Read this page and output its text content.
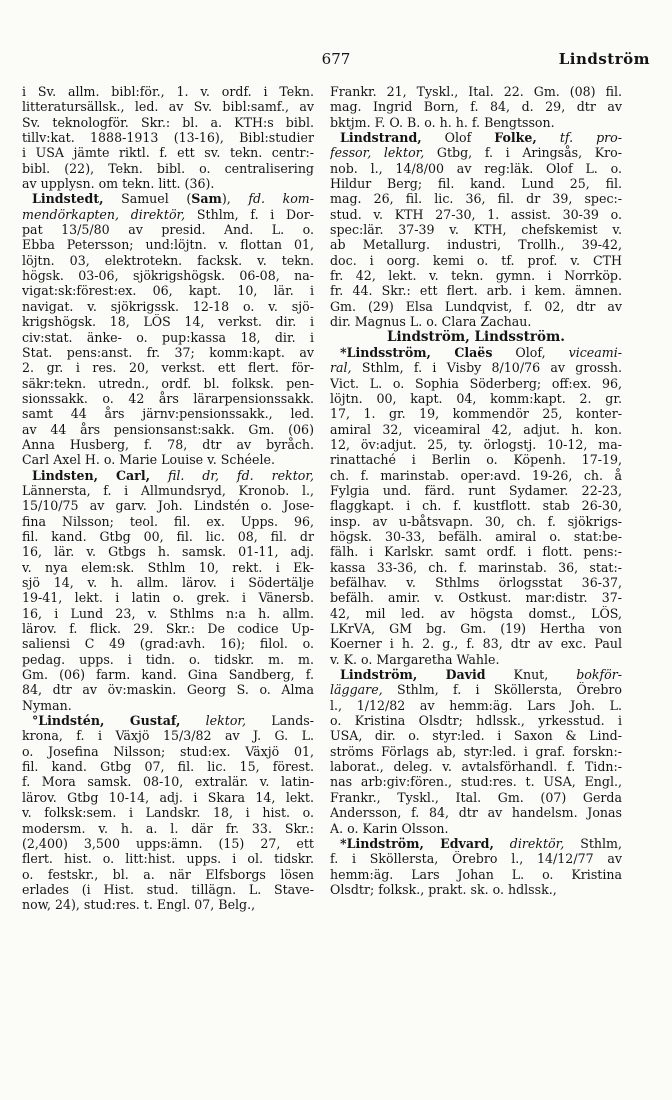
677	Lindström
i Sv. allm. bibl:för., 1. v. ordf. i Tekn.
litteratursällsk., led. av Sv. bibl:samf., av
Sv. teknologför. Skr.: bl. a. KTH:s bibl.
tillv:kat. 1888-1913 (13-16), Bibl:studier
i USA jämte riktl. f. ett sv. tekn. centr:-
bibl. (22), Tekn. bibl. o. centralisering
av upplysn. om tekn. litt. (36).
Lindstedt, Samuel (Sam), fd. kom-
mendörkapten, direktör, Sthlm, f. i Dor-
pat 13/5/80 av presid. And. L. o.
Ebba Petersson; und:löjtn. v. flottan 01,
löjtn. 03, elektrotekn. facksk. v. tekn.
högsk. 03-06, sjökrigshögsk. 06-08, na-
vigat:sk:förest:ex. 06, kapt. 10, lär. i
navigat. v. sjökrigssk. 12-18 o. v. sjö-
krigshögsk. 18, LÖS 14, verkst. dir. i
civ:stat. änke- o. pup:kassa 18, dir. i
Stat. pens:anst. fr. 37; komm:kapt. av
2. gr. i res. 20, verkst. ett flert. för-
säkr:tekn. utredn., ordf. bl. folksk. pen-
sionssakk. o. 42 års lärarpensionssakk.
samt 44 års järnv:pensionssakk., led.
av 44 års pensionsanst:sakk. Gm. (06)
Anna Husberg, f. 78, dtr av byråch.
Carl Axel H. o. Marie Louise v. Schéele.
Lindsten, Carl, fil. dr, fd. rektor,
Lännersta, f. i Allmundsryd, Kronob. l.,
15/10/75 av garv. Joh. Lindstén o. Jose-
fina Nilsson; teol. fil. ex. Upps. 96,
fil. kand. Gtbg 00, fil. lic. 08, fil. dr
16, lär. v. Gtbgs h. samsk. 01-11, adj.
v. nya elem:sk. Sthlm 10, rekt. i Ek-
sjö 14, v. h. allm. lärov. i Södertälje
19-41, lekt. i latin o. grek. i Vänersb.
16, i Lund 23, v. Sthlms n:a h. allm.
lärov. f. flick. 29. Skr.: De codice Up-
saliensi C 49 (grad:avh. 16); filol. o.
pedag. upps. i tidn. o. tidskr. m. m.
Gm. (06) farm. kand. Gina Sandberg, f.
84, dtr av öv:maskin. Georg S. o. Alma
Nyman.
°Lindstén, Gustaf, lektor, Lands-
krona, f. i Växjö 15/3/82 av J. G. L.
o. Josefina Nilsson; stud:ex. Växjö 01,
fil. kand. Gtbg 07, fil. lic. 15, förest.
f. Mora samsk. 08-10, extralär. v. latin-
lärov. Gtbg 10-14, adj. i Skara 14, lekt.
v. folksk:sem. i Landskr. 18, i hist. o.
modersm. v. h. a. l. där fr. 33. Skr.:
(2,400) 3,500 upps:ämn. (15) 27, ett
flert. hist. o. litt:hist. upps. i ol. tidskr.
o. festskr., bl. a. när Elfsborgs lösen
erlades (i Hist. stud. tillägn. L. Stave-
now, 24), stud:res. t. Engl. 07, Belg.,
Frankr. 21, Tyskl., Ital. 22. Gm. (08) fil.
mag. Ingrid Born, f. 84, d. 29, dtr av
bktjm. F. O. B. o. h. h. f. Bengtsson.
Lindstrand, Olof Folke, tf. pro-
fessor, lektor, Gtbg, f. i Aringsås, Kro-
nob. l., 14/8/00 av reg:läk. Olof L. o.
Hildur Berg; fil. kand. Lund 25, fil.
mag. 26, fil. lic. 36, fil. dr 39, spec:-
stud. v. KTH 27-30, 1. assist. 30-39 o.
spec:lär. 37-39 v. KTH, chefskemist v.
ab Metallurg. industri, Trollh., 39-42,
doc. i oorg. kemi o. tf. prof. v. CTH
fr. 42, lekt. v. tekn. gymn. i Norrköp.
fr. 44. Skr.: ett flert. arb. i kem. ämnen.
Gm. (29) Elsa Lundqvist, f. 02, dtr av
dir. Magnus L. o. Clara Zachau.
Lindström, Lindsström.
*Lindsström, Claës Olof, viceami-
ral, Sthlm, f. i Visby 8/10/76 av grossh.
Vict. L. o. Sophia Söderberg; off:ex. 96,
löjtn. 00, kapt. 04, komm:kapt. 2. gr.
17, 1. gr. 19, kommendör 25, konter-
amiral 32, viceamiral 42, adjut. h. kon.
12, öv:adjut. 25, ty. örlogstj. 10-12, ma-
rinattaché i Berlin o. Köpenh. 17-19,
ch. f. marinstab. oper:avd. 19-26, ch. å
Fylgia und. färd. runt Sydamer. 22-23,
flaggkapt. i ch. f. kustflott. stab 26-30,
insp. av u-båtsvapn. 30, ch. f. sjökrigs-
högsk. 30-33, befälh. amiral o. stat:be-
fälh. i Karlskr. samt ordf. i flott. pens:-
kassa 33-36, ch. f. marinstab. 36, stat:-
befälhav. v. Sthlms örlogsstat 36-37,
befälh. amir. v. Ostkust. mar:distr. 37-
42, mil led. av högsta domst., LÖS,
LKrVA, GM bg. Gm. (19) Hertha von
Koerner i h. 2. g., f. 83, dtr av exc. Paul
v. K. o. Margaretha Wahle.
Lindström, David Knut, bokför-
läggare, Sthlm, f. i Sköllersta, Örebro
l., 1/12/82 av hemm:äg. Lars Joh. L.
o. Kristina Olsdtr; hdlssk., yrkesstud. i
USA, dir. o. styr:led. i Saxon & Lind-
ströms Förlags ab, styr:led. i graf. forskn:-
laborat., deleg. v. avtalsförhandl. f. Tidn:-
nas arb:giv:fören., stud:res. t. USA, Engl.,
Frankr., Tyskl., Ital. Gm. (07) Gerda
Andersson, f. 84, dtr av handelsm. Jonas
A. o. Karin Olsson.
*Lindström, Edvard, direktör, Sthlm,
f. i Sköllersta, Örebro l., 14/12/77 av
hemm:äg. Lars Johan L. o. Kristina
Olsdtr; folksk., prakt. sk. o. hdlssk.,
